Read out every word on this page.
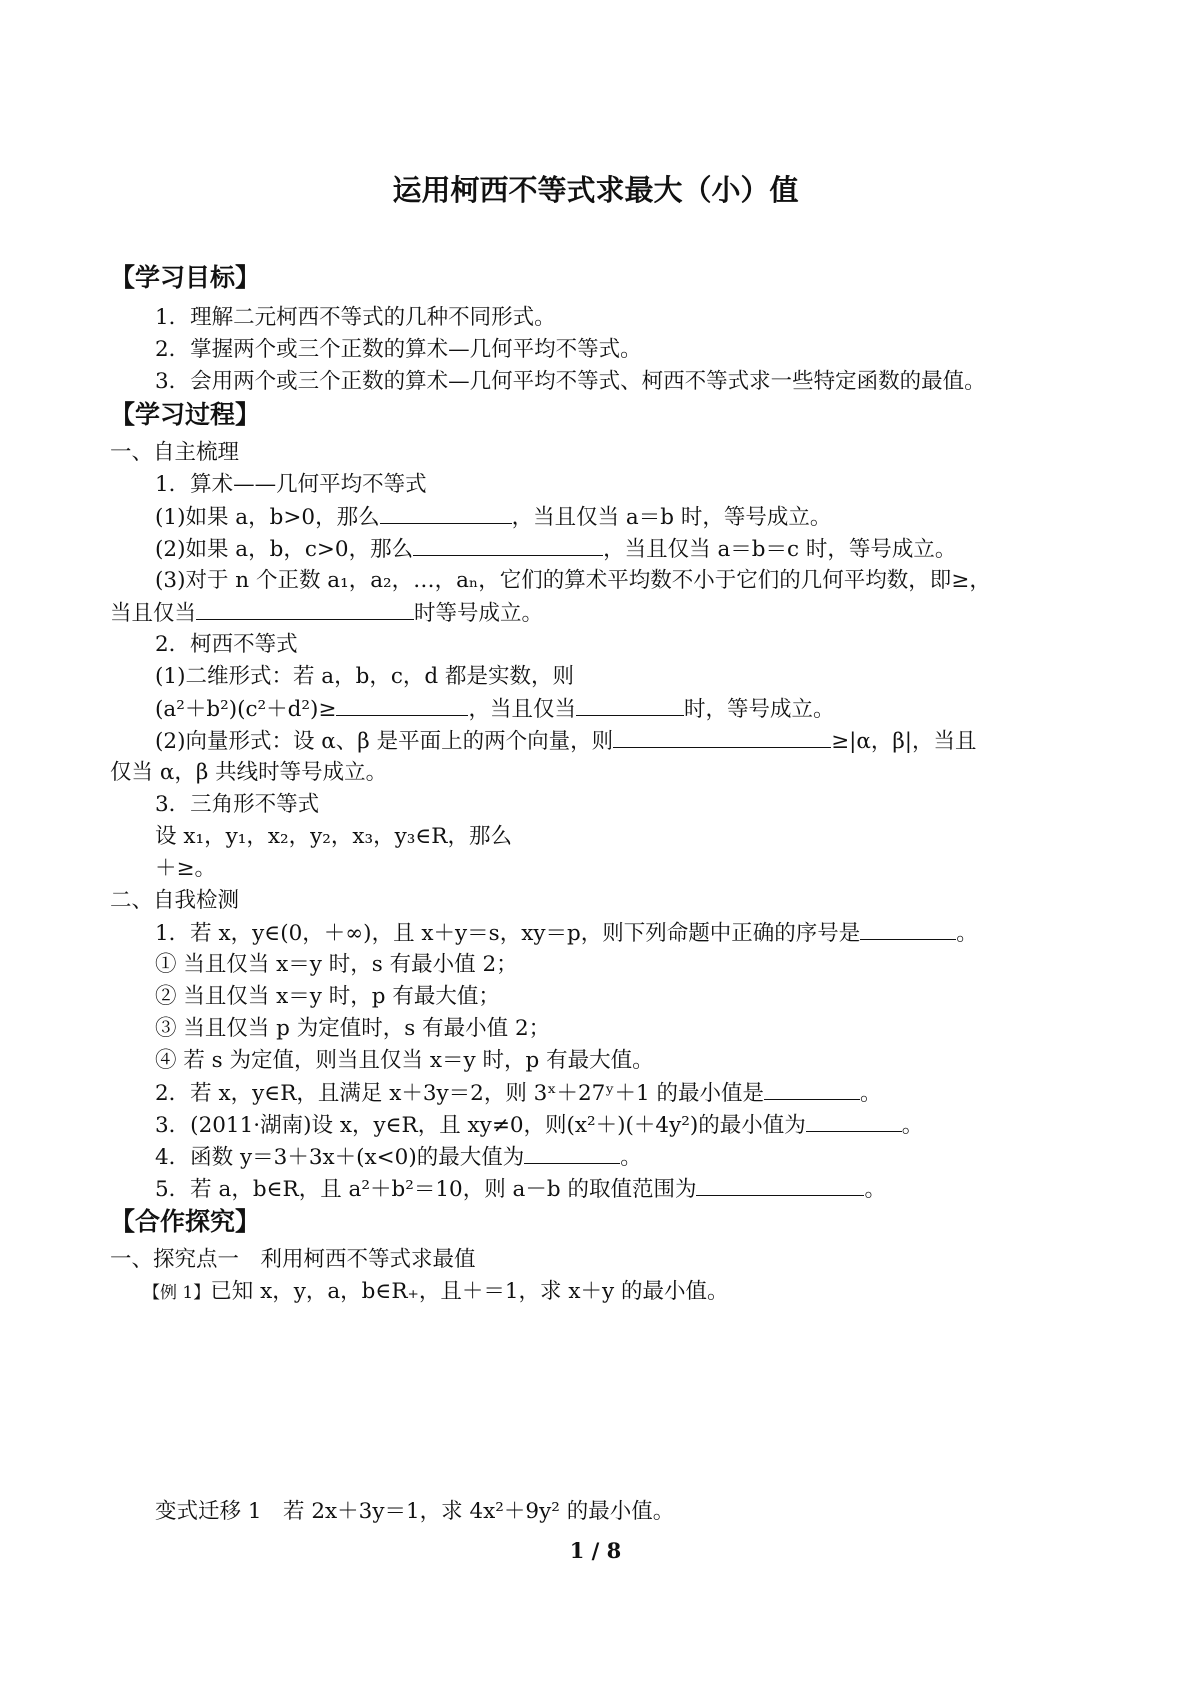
运用柯西不等式求最大（小）值
【学习目标】
1．理解二元柯西不等式的几种不同形式。
2．掌握两个或三个正数的算术—几何平均不等式。
3．会用两个或三个正数的算术—几何平均不等式、柯西不等式求一些特定函数的最值。
【学习过程】
一、自主梳理
1．算术——几何平均不等式
(1)如果 a，b>0，那么	，当且仅当 a＝b 时，等号成立。
(2)如果 a，b，c>0，那么	，当且仅当 a＝b＝c 时，等号成立。
(3)对于 n 个正数 a₁，a₂，…，aₙ，它们的算术平均数不小于它们的几何平均数，即≥，
当且仅当	时等号成立。
2．柯西不等式
(1)二维形式：若 a，b，c，d 都是实数，则
(a²＋b²)(c²＋d²)≥	，当且仅当	时，等号成立。
(2)向量形式：设 α、β 是平面上的两个向量，则	≥|α，β|，当且
仅当 α，β 共线时等号成立。
3．三角形不等式
设 x₁，y₁，x₂，y₂，x₃，y₃∈R，那么
＋≥。
二、自我检测
1．若 x，y∈(0，＋∞)，且 x＋y＝s，xy＝p，则下列命题中正确的序号是	。
① 当且仅当 x＝y 时，s 有最小值 2；
② 当且仅当 x＝y 时，p 有最大值；
③ 当且仅当 p 为定值时，s 有最小值 2；
④ 若 s 为定值，则当且仅当 x＝y 时，p 有最大值。
2．若 x，y∈R，且满足 x＋3y＝2，则 3ˣ＋27ʸ＋1 的最小值是	。
3．(2011·湖南)设 x，y∈R，且 xy≠0，则(x²＋)(＋4y²)的最小值为	。
4．函数 y＝3＋3x＋(x<0)的最大值为	。
5．若 a，b∈R，且 a²＋b²＝10，则 a－b 的取值范围为	。
【合作探究】
一、探究点一　利用柯西不等式求最值
【例 1】已知 x，y，a，b∈R₊，且＋＝1，求 x＋y 的最小值。
变式迁移 1　若 2x＋3y＝1，求 4x²＋9y² 的最小值。
1 / 8
